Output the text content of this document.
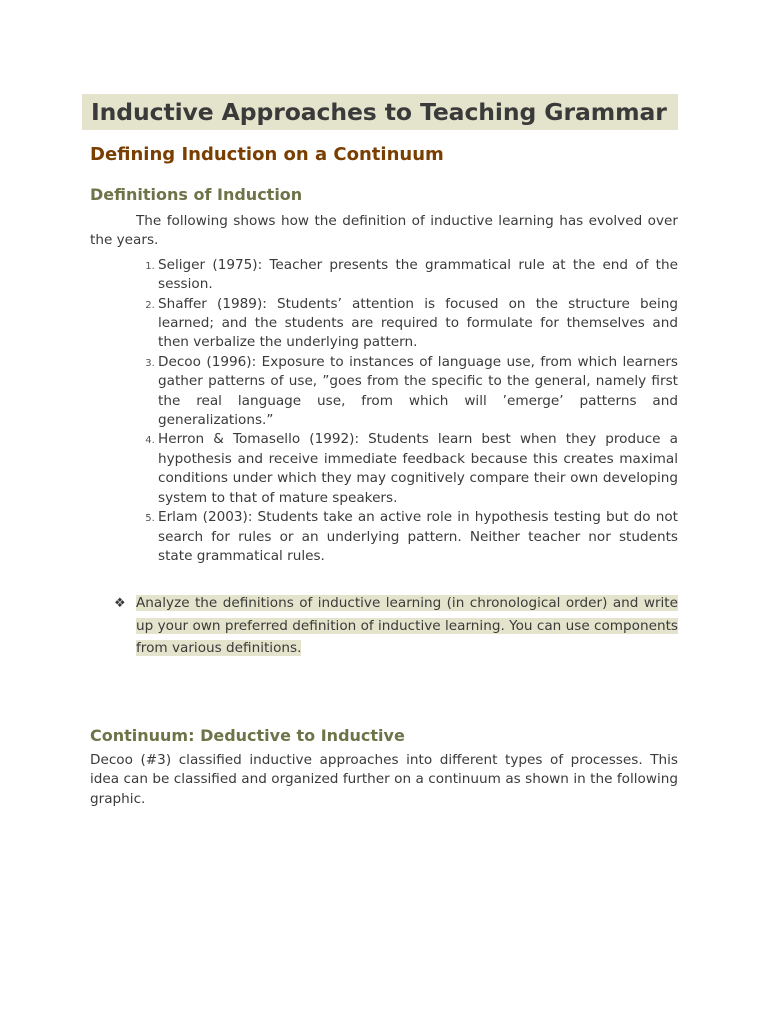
Inductive Approaches to Teaching Grammar
Defining Induction on a Continuum
Definitions of Induction

The following shows how the definition of inductive learning has evolved over the years.

1. Seliger (1975): Teacher presents the grammatical rule at the end of the session.
2. Shaffer (1989): Students’ attention is focused on the structure being learned; and the students are required to formulate for themselves and then verbalize the underlying pattern.
3. Decoo (1996): Exposure to instances of language use, from which learners gather patterns of use, ”goes from the specific to the general, namely first the real language use, from which will ’emerge’ patterns and generalizations.”
4. Herron & Tomasello (1992): Students learn best when they produce a hypothesis and receive immediate feedback because this creates maximal conditions under which they may cognitively compare their own developing system to that of mature speakers.
5. Erlam (2003): Students take an active role in hypothesis testing but do not search for rules or an underlying pattern. Neither teacher nor students state grammatical rules.
❖ Analyze the definitions of inductive learning (in chronological order) and write up your own preferred definition of inductive learning. You can use components from various definitions.
Continuum: Deductive to Inductive

Decoo (#3) classified inductive approaches into different types of processes. This idea can be classified and organized further on a continuum as shown in the following graphic.
